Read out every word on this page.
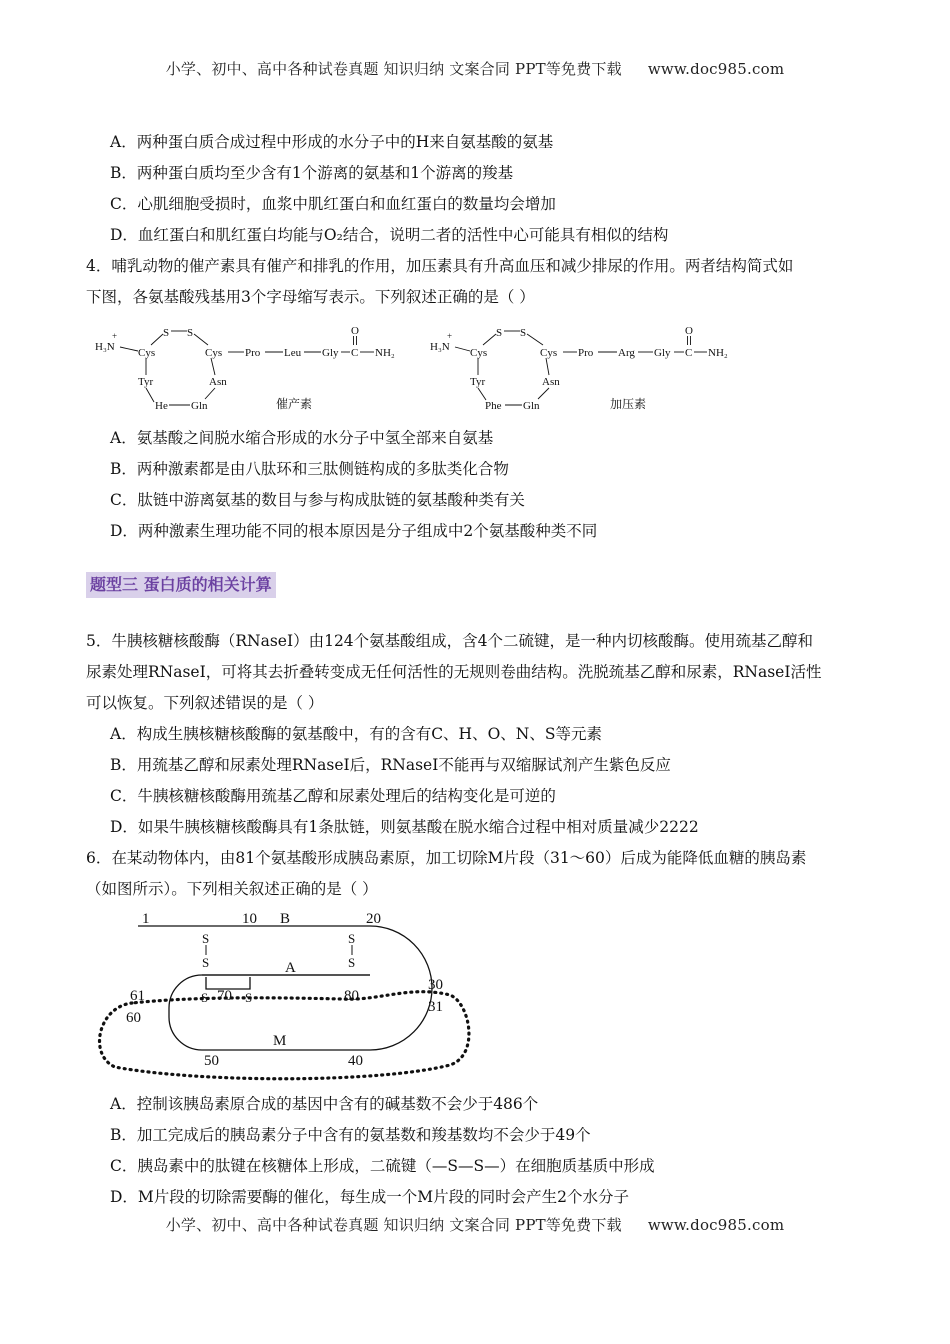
小学、初中、高中各种试卷真题 知识归纳 文案合同 PPT等免费下载 www.doc985.com
A．两种蛋白质合成过程中形成的水分子中的H来自氨基酸的氨基
B．两种蛋白质均至少含有1个游离的氨基和1个游离的羧基
C．心肌细胞受损时，血浆中肌红蛋白和血红蛋白的数量均会增加
D．血红蛋白和肌红蛋白均能与O₂结合，说明二者的活性中心可能具有相似的结构
4．哺乳动物的催产素具有催产和排乳的作用，加压素具有升高血压和减少排尿的作用。两者结构简式如
下图，各氨基酸残基用3个字母缩写表示。下列叙述正确的是（ ）
H₃N
+
Cys
S S
Cys Pro Leu Gly
O
C NH₂
Tyr	Asn
He Gln	催产素
H₃N
+
Cys
S S
Cys Pro Arg Gly
O
C NH₂
Tyr	Asn
Phe Gln	加压素
A．氨基酸之间脱水缩合形成的水分子中氢全部来自氨基
B．两种激素都是由八肽环和三肽侧链构成的多肽类化合物
C．肽链中游离氨基的数目与参与构成肽链的氨基酸种类有关
D．两种激素生理功能不同的根本原因是分子组成中2个氨基酸种类不同
题型三 蛋白质的相关计算
5．牛胰核糖核酸酶（RNaseI）由124个氨基酸组成，含4个二硫键，是一种内切核酸酶。使用巯基乙醇和
尿素处理RNaseI，可将其去折叠转变成无任何活性的无规则卷曲结构。洗脱巯基乙醇和尿素，RNaseI活性
可以恢复。下列叙述错误的是（ ）
A．构成生胰核糖核酸酶的氨基酸中，有的含有C、H、O、N、S等元素
B．用巯基乙醇和尿素处理RNaseI后，RNaseI不能再与双缩脲试剂产生紫色反应
C．牛胰核糖核酸酶用巯基乙醇和尿素处理后的结构变化是可逆的
D．如果牛胰核糖核酸酶具有1条肽链，则氨基酸在脱水缩合过程中相对质量减少2222
6．在某动物体内，由81个氨基酸形成胰岛素原，加工切除M片段（31～60）后成为能降低血糖的胰岛素
（如图所示）。下列相关叙述正确的是（ ）
1	10 B	20
A
70	80
61
60
30
31
M
50	40
S
S
S
S
S	S
A．控制该胰岛素原合成的基因中含有的碱基数不会少于486个
B．加工完成后的胰岛素分子中含有的氨基数和羧基数均不会少于49个
C．胰岛素中的肽键在核糖体上形成，二硫键（—S—S—）在细胞质基质中形成
D．M片段的切除需要酶的催化，每生成一个M片段的同时会产生2个水分子
小学、初中、高中各种试卷真题 知识归纳 文案合同 PPT等免费下载 www.doc985.com
